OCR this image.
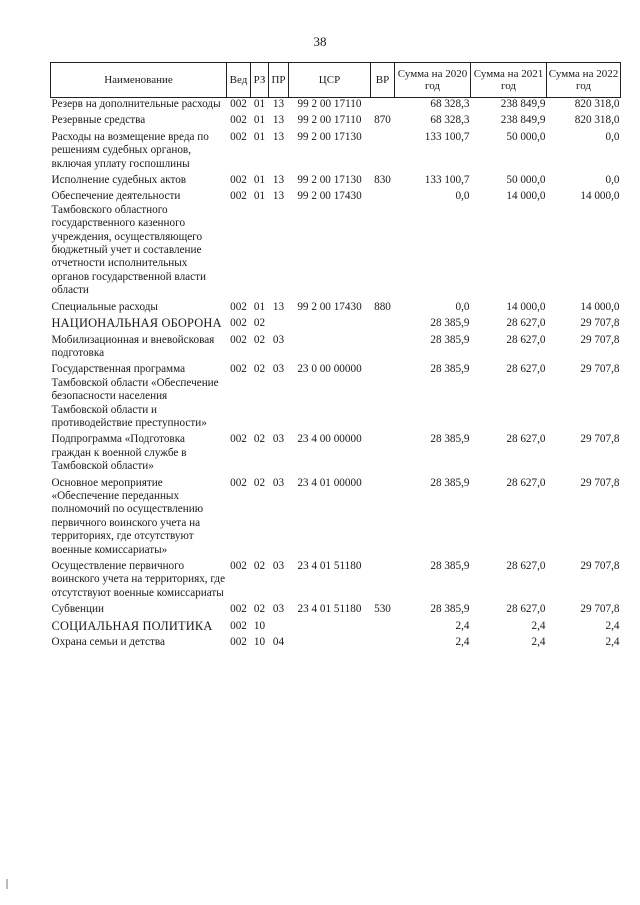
38
Наименование	Вед	РЗ	ПР	ЦСР	ВР	Сумма на 2020 год	Сумма на 2021 год	Сумма на 2022 год
Резерв на дополнительные расходы	002	01	13	99 2 00 17110		68 328,3	238 849,9	820 318,0

Резервные средства	002	01	13	99 2 00 17110	870	68 328,3	238 849,9	820 318,0

Расходы на возмещение вреда по решениям судебных органов, включая уплату госпошлины	002	01	13	99 2 00 17130		133 100,7	50 000,0	0,0

Исполнение судебных актов	002	01	13	99 2 00 17130	830	133 100,7	50 000,0	0,0

Обеспечение деятельности Тамбовского областного государственного казенного учреждения, осуществляющего бюджетный учет и составление отчетности исполнительных органов государственной власти области	002	01	13	99 2 00 17430		0,0	14 000,0	14 000,0

Специальные расходы	002	01	13	99 2 00 17430	880	0,0	14 000,0	14 000,0

НАЦИОНАЛЬНАЯ ОБОРОНА	002	02				28 385,9	28 627,0	29 707,8

Мобилизационная и вневойсковая подготовка	002	02	03			28 385,9	28 627,0	29 707,8

Государственная программа Тамбовской области «Обеспечение безопасности населения Тамбовской области и противодействие преступности»	002	02	03	23 0 00 00000		28 385,9	28 627,0	29 707,8

Подпрограмма «Подготовка граждан к военной службе в Тамбовской области»	002	02	03	23 4 00 00000		28 385,9	28 627,0	29 707,8

Основное мероприятие «Обеспечение переданных полномочий по осуществлению первичного воинского учета на территориях, где отсутствуют военные комиссариаты»	002	02	03	23 4 01 00000		28 385,9	28 627,0	29 707,8

Осуществление первичного воинского учета на территориях, где отсутствуют военные комиссариаты	002	02	03	23 4 01 51180		28 385,9	28 627,0	29 707,8

Субвенции	002	02	03	23 4 01 51180	530	28 385,9	28 627,0	29 707,8

СОЦИАЛЬНАЯ ПОЛИТИКА	002	10				2,4	2,4	2,4

Охрана семьи и детства	002	10	04			2,4	2,4	2,4
